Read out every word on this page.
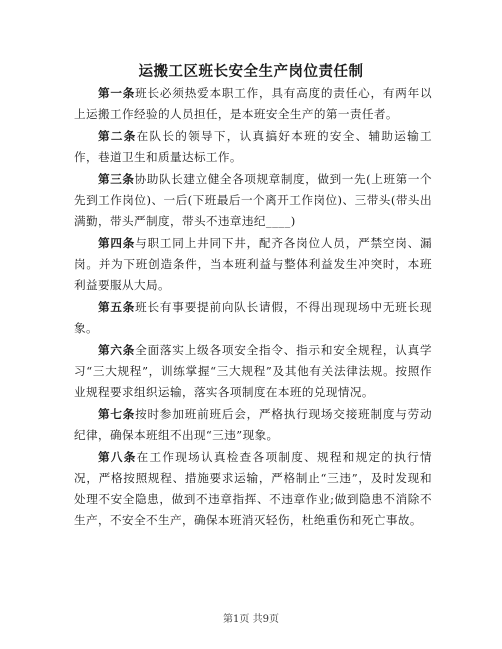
运搬工区班长安全生产岗位责任制

第一条班长必须热爱本职工作，具有高度的责任心，有两年以上运搬工作经验的人员担任，是本班安全生产的第一责任者。

第二条在队长的领导下，认真搞好本班的安全、辅助运输工作，巷道卫生和质量达标工作。

第三条协助队长建立健全各项规章制度，做到一先(上班第一个先到工作岗位)、一后(下班最后一个离开工作岗位)、三带头(带头出满勤，带头严制度，带头不违章违纪____)

第四条与职工同上井同下井，配齐各岗位人员，严禁空岗、漏岗。并为下班创造条件，当本班利益与整体利益发生冲突时，本班利益要服从大局。

第五条班长有事要提前向队长请假，不得出现现场中无班长现象。

第六条全面落实上级各项安全指令、指示和安全规程，认真学习“三大规程”，训练掌握“三大规程”及其他有关法律法规。按照作业规程要求组织运输，落实各项制度在本班的兑现情况。

第七条按时参加班前班后会，严格执行现场交接班制度与劳动纪律，确保本班组不出现“三违”现象。

第八条在工作现场认真检查各项制度、规程和规定的执行情况，严格按照规程、措施要求运输，严格制止“三违”，及时发现和处理不安全隐患，做到不违章指挥、不违章作业;做到隐患不消除不生产，不安全不生产，确保本班消灭轻伤，杜绝重伤和死亡事故。

第1页 共9页
